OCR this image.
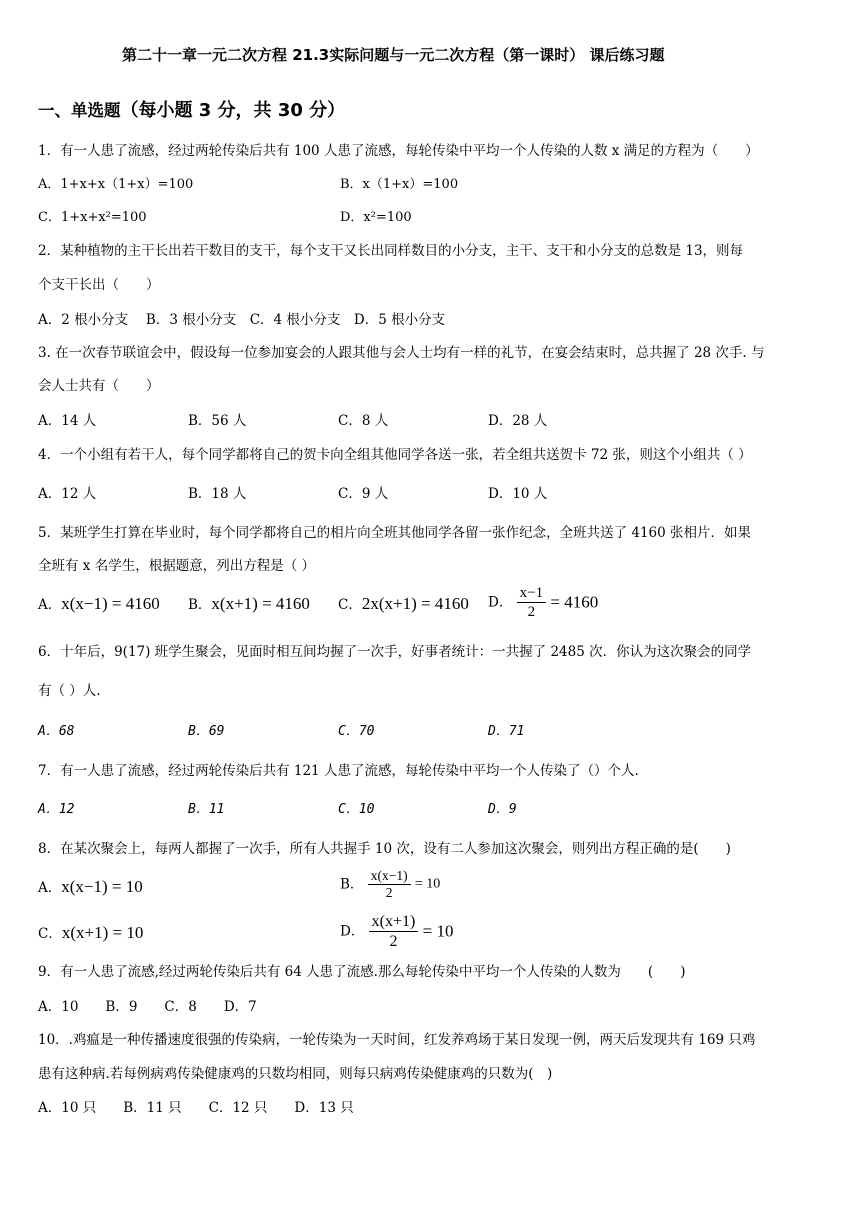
第二十一章一元二次方程 21.3实际问题与一元二次方程（第一课时） 课后练习题
一、单选题（每小题 3 分，共 30 分）
1．有一人患了流感，经过两轮传染后共有 100 人患了流感，每轮传染中平均一个人传染的人数 x 满足的方程为（　　）
A．1+x+x（1+x）=100	B．x（1+x）=100
C．1+x+x²=100	D．x²=100
2．某种植物的主干长出若干数目的支干，每个支干又长出同样数目的小分支，主干、支干和小分支的总数是 13，则每
个支干长出（　　）
A．2 根小分支　 B．3 根小分支　C．4 根小分支　D．5 根小分支
3. 在一次春节联谊会中，假设每一位参加宴会的人跟其他与会人士均有一样的礼节，在宴会结束时，总共握了 28 次手. 与
会人士共有（　　）
A．14 人	B．56 人	C．8 人	D．28 人
4．一个小组有若干人，每个同学都将自己的贺卡向全组其他同学各送一张，若全组共送贺卡 72 张，则这个小组共（ ）
A．12 人	B．18 人	C．9 人	D．10 人
5．某班学生打算在毕业时，每个同学都将自己的相片向全班其他同学各留一张作纪念，全班共送了 4160 张相片．如果
全班有 x 名学生，根据题意，列出方程是（ ）
A．x(x−1) = 4160 B．x(x+1) = 4160 C．2x(x+1) = 4160 D． $\frac{x-1}{2} = 4160$
6．十年后，9(17) 班学生聚会，见面时相互间均握了一次手，好事者统计：一共握了 2485 次．你认为这次聚会的同学
有（ ）人.
A．68	B．69	C．70	D．71
7．有一人患了流感，经过两轮传染后共有 121 人患了流感，每轮传染中平均一个人传染了（）个人.
A．12	B．11	C．10	D．9
8．在某次聚会上，每两人都握了一次手，所有人共握手 10 次，设有二人参加这次聚会，则列出方程正确的是(　　)
A．x(x−1) = 10	B． $\frac{x(x-1)}{2} = 10$
C．x(x+1) = 10	D． $\frac{x(x+1)}{2} = 10$
9．有一人患了流感,经过两轮传染后共有 64 人患了流感.那么每轮传染中平均一个人传染的人数为　　(　　)
A．10　　B．9　　C．8　　D．7
10．.鸡瘟是一种传播速度很强的传染病，一轮传染为一天时间，红发养鸡场于某日发现一例，两天后发现共有 169 只鸡
患有这种病.若每例病鸡传染健康鸡的只数均相同，则每只病鸡传染健康鸡的只数为(　)
A．10 只　　B．11 只　　C．12 只　　D．13 只
